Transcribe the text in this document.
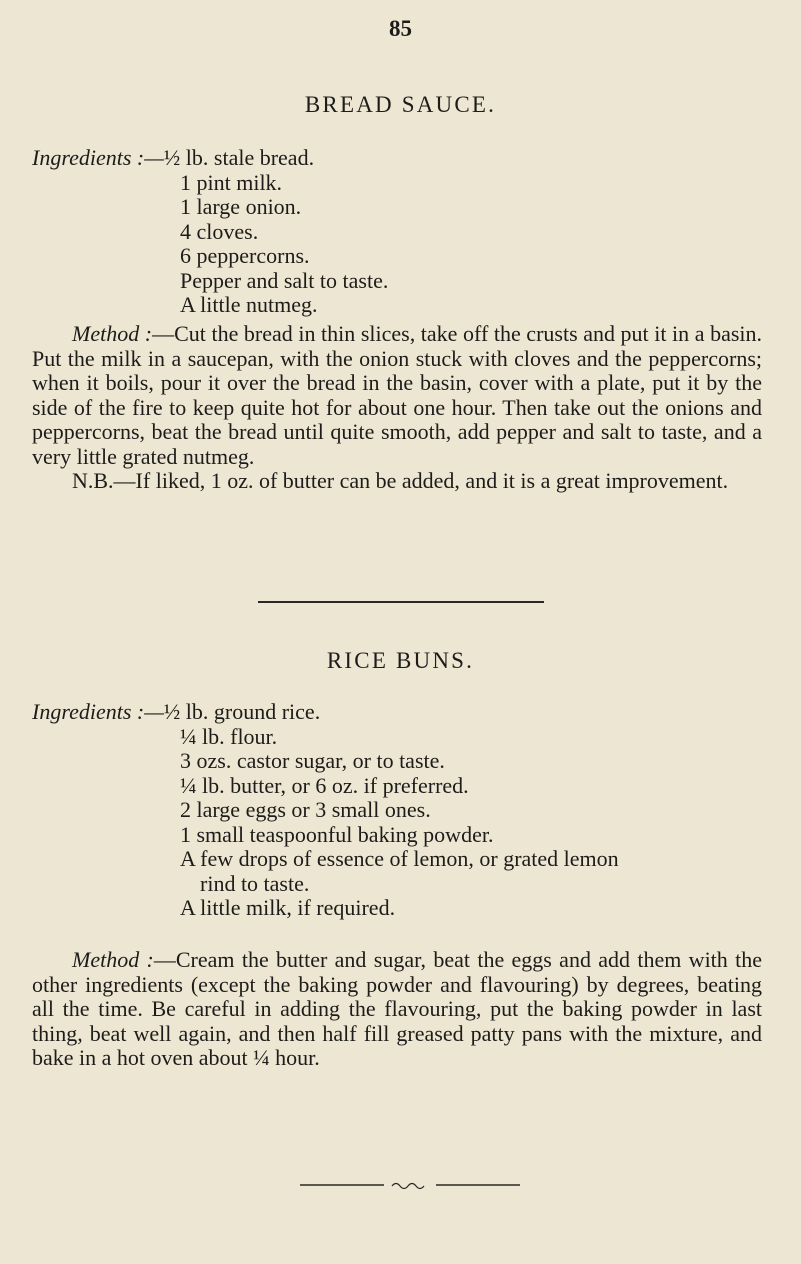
85
BREAD SAUCE.
Ingredients :— ½ lb. stale bread.
1 pint milk.
1 large onion.
4 cloves.
6 peppercorns.
Pepper and salt to taste.
A little nutmeg.

Method :—Cut the bread in thin slices, take off the crusts and put it in a basin. Put the milk in a saucepan, with the onion stuck with cloves and the peppercorns; when it boils, pour it over the bread in the basin, cover with a plate, put it by the side of the fire to keep quite hot for about one hour. Then take out the onions and peppercorns, beat the bread until quite smooth, add pepper and salt to taste, and a very little grated nutmeg.

N.B.—If liked, 1 oz. of butter can be added, and it is a great improvement.

RICE BUNS.
Ingredients :— ½ lb. ground rice.
¼ lb. flour.
3 ozs. castor sugar, or to taste.
¼ lb. butter, or 6 oz. if preferred.
2 large eggs or 3 small ones.
1 small teaspoonful baking powder.
A few drops of essence of lemon, or grated lemon
rind to taste.
A little milk, if required.

Method :—Cream the butter and sugar, beat the eggs and add them with the other ingredients (except the baking powder and flavouring) by degrees, beating all the time. Be careful in adding the flavouring, put the baking powder in last thing, beat well again, and then half fill greased patty pans with the mixture, and bake in a hot oven about ¼ hour.
